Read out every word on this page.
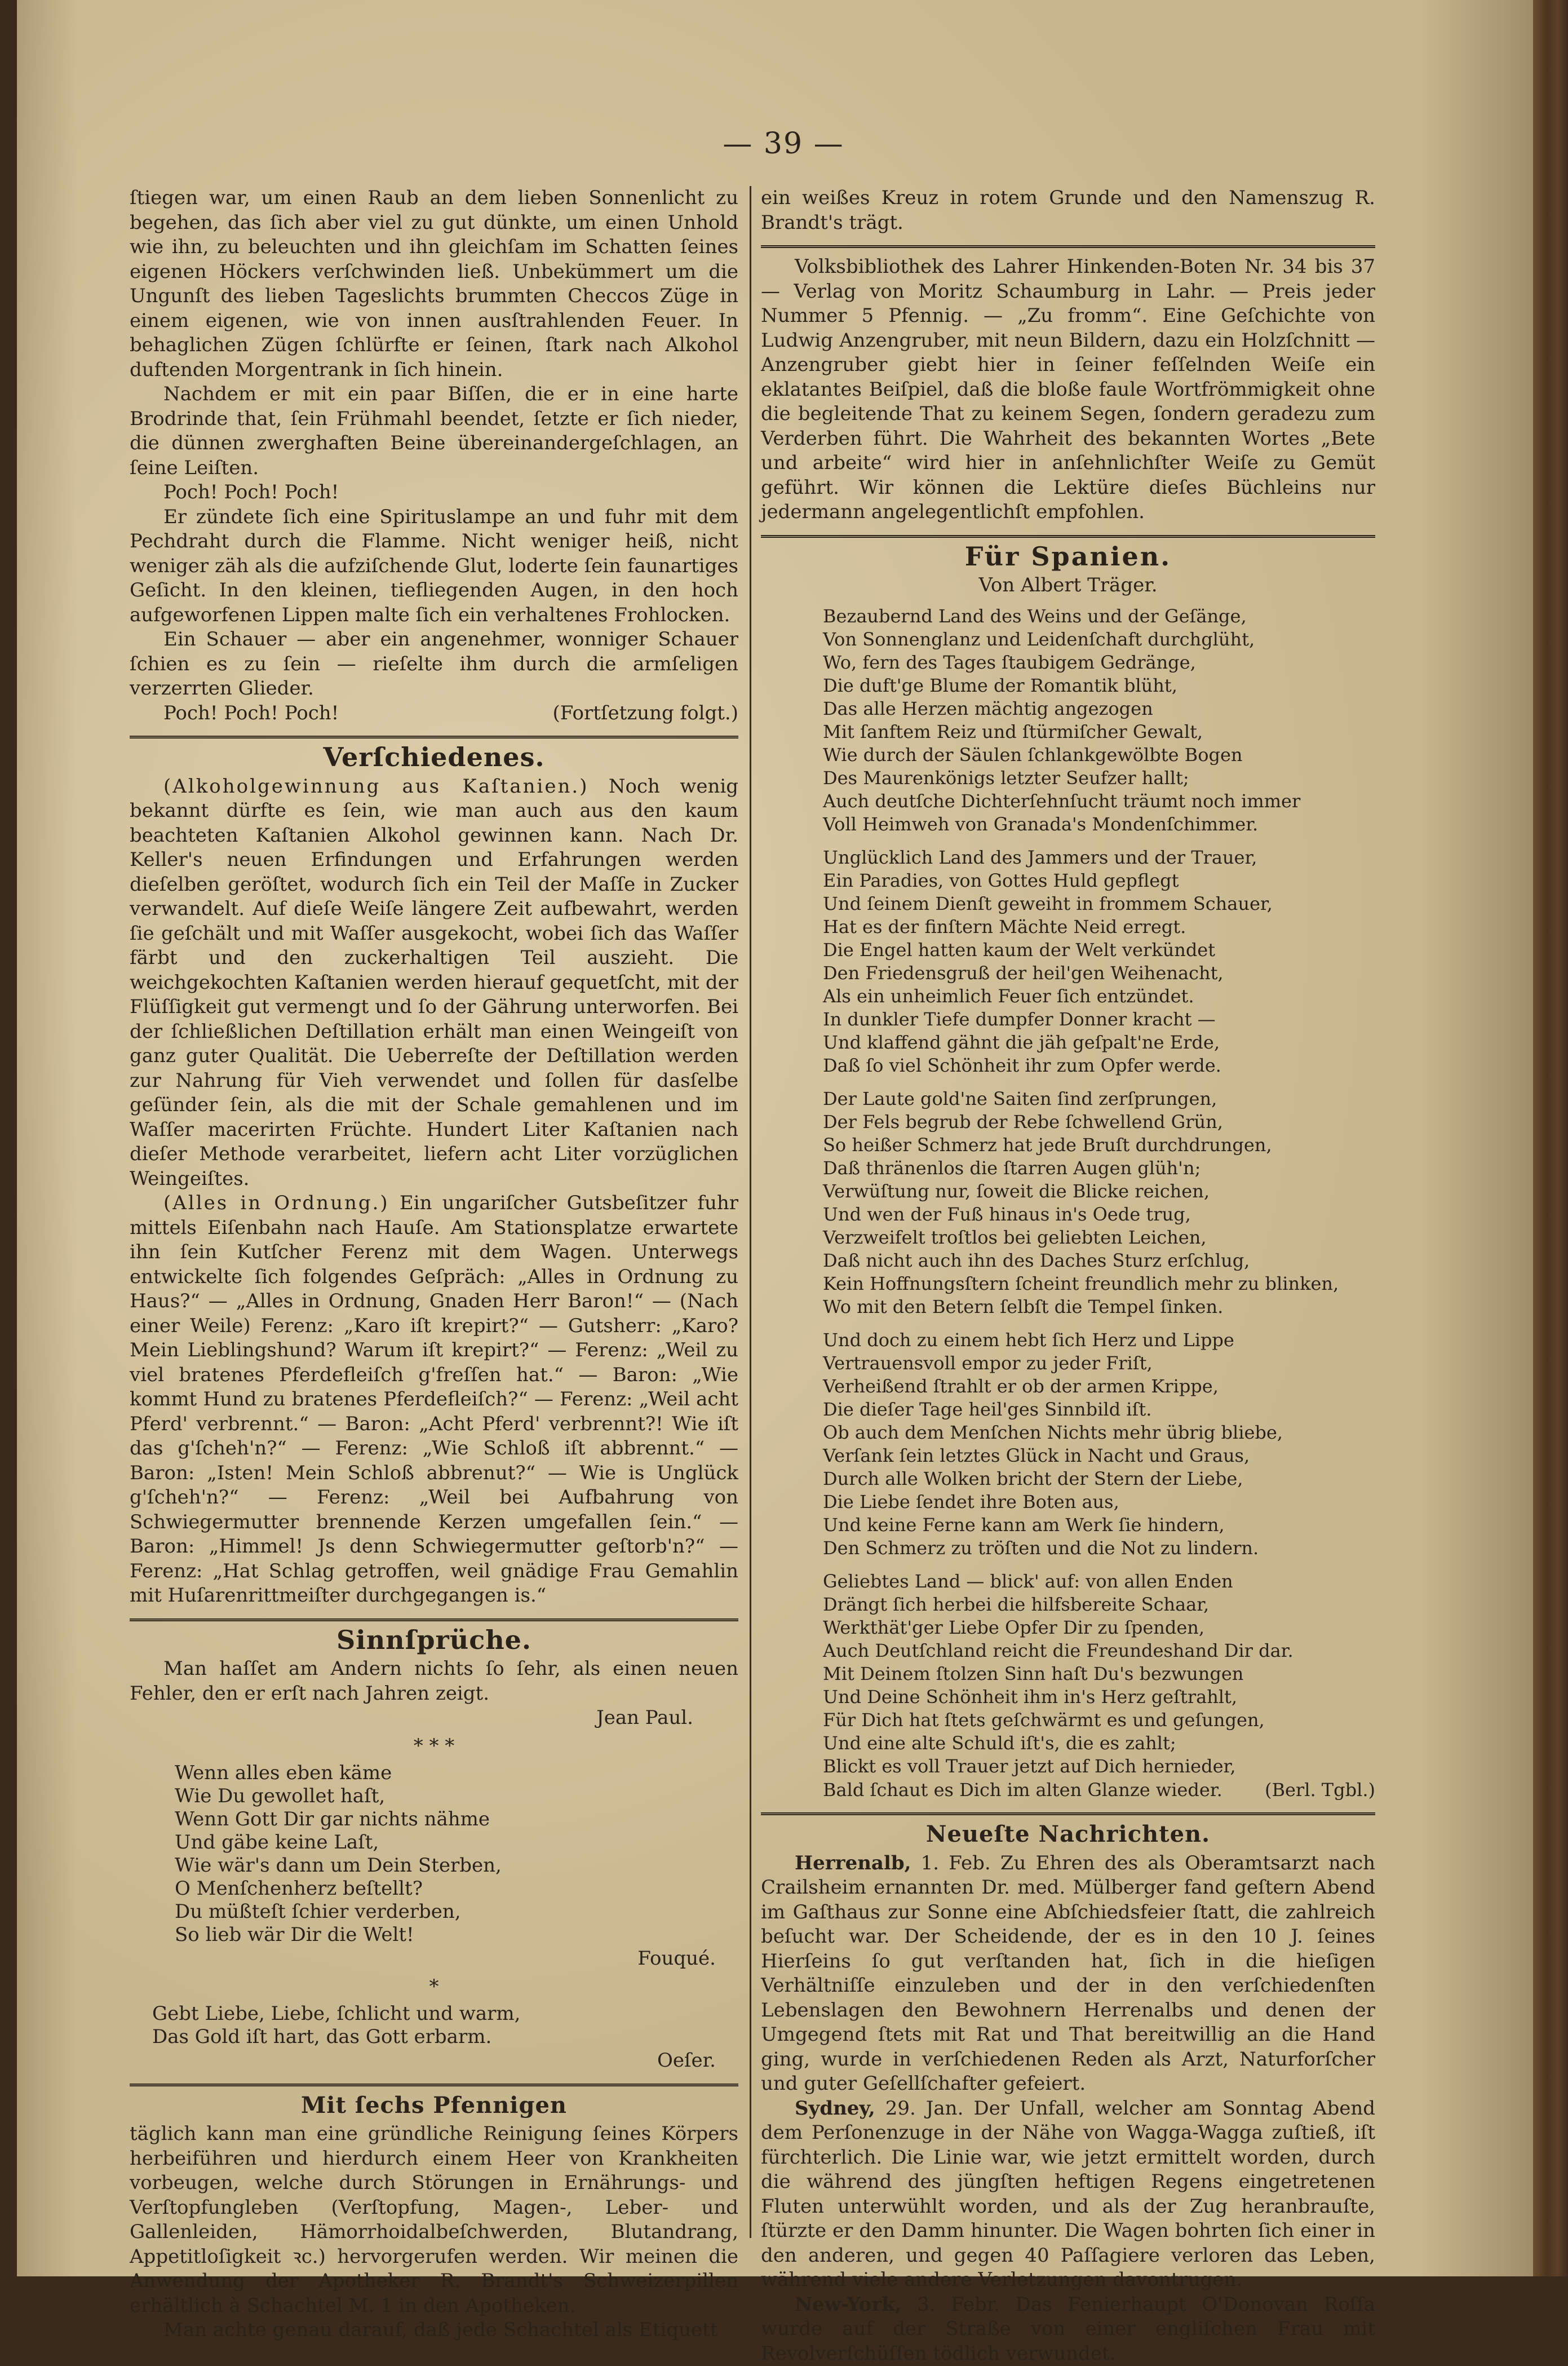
— 39 —

ſtiegen war, um einen Raub an dem lieben Sonnenlicht zu begehen, das ſich aber viel zu gut dünkte, um einen Unhold wie ihn, zu beleuchten und ihn gleichſam im Schatten ſeines eigenen Höckers verſchwinden ließ. Unbekümmert um die Ungunſt des lieben Tageslichts brummten Checcos Züge in einem eigenen, wie von innen ausſtrahlenden Feuer. In behaglichen Zügen ſchlürfte er ſeinen, ſtark nach Alkohol duftenden Morgentrank in ſich hinein.

Nachdem er mit ein paar Biſſen, die er in eine harte Brodrinde that, ſein Frühmahl beendet, ſetzte er ſich nieder, die dünnen zwerghaften Beine übereinandergeſchlagen, an ſeine Leiſten.

Poch! Poch! Poch!

Er zündete ſich eine Spirituslampe an und fuhr mit dem Pechdraht durch die Flamme. Nicht weniger heiß, nicht weniger zäh als die aufziſchende Glut, loderte ſein faunartiges Geſicht. In den kleinen, tiefliegenden Augen, in den hoch aufgeworfenen Lippen malte ſich ein verhaltenes Frohlocken.

Ein Schauer — aber ein angenehmer, wonniger Schauer ſchien es zu ſein — rieſelte ihm durch die armſeligen verzerrten Glieder.

Poch! Poch! Poch!	(Fortſetzung folgt.)
Verſchiedenes.

(Alkoholgewinnung aus Kaſtanien.) Noch wenig bekannt dürfte es ſein, wie man auch aus den kaum beachteten Kaſtanien Alkohol gewinnen kann. Nach Dr. Keller's neuen Erfindungen und Erfahrungen werden dieſelben geröſtet, wodurch ſich ein Teil der Maſſe in Zucker verwandelt. Auf dieſe Weiſe längere Zeit aufbewahrt, werden ſie geſchält und mit Waſſer ausgekocht, wobei ſich das Waſſer färbt und den zuckerhaltigen Teil auszieht. Die weichgekochten Kaſtanien werden hierauf gequetſcht, mit der Flüſſigkeit gut vermengt und ſo der Gährung unterworfen. Bei der ſchließlichen Deſtillation erhält man einen Weingeiſt von ganz guter Qualität. Die Ueberreſte der Deſtillation werden zur Nahrung für Vieh verwendet und ſollen für dasſelbe geſünder ſein, als die mit der Schale gemahlenen und im Waſſer macerirten Früchte. Hundert Liter Kaſtanien nach dieſer Methode verarbeitet, liefern acht Liter vorzüglichen Weingeiſtes.

(Alles in Ordnung.) Ein ungariſcher Gutsbeſitzer fuhr mittels Eiſenbahn nach Hauſe. Am Stationsplatze erwartete ihn ſein Kutſcher Ferenz mit dem Wagen. Unterwegs entwickelte ſich folgendes Geſpräch: „Alles in Ordnung zu Haus?“ — „Alles in Ordnung, Gnaden Herr Baron!“ — (Nach einer Weile) Ferenz: „Karo iſt krepirt?“ — Gutsherr: „Karo? Mein Lieblingshund? Warum iſt krepirt?“ — Ferenz: „Weil zu viel bratenes Pferdefleiſch g'freſſen hat.“ — Baron: „Wie kommt Hund zu bratenes Pferdefleiſch?“ — Ferenz: „Weil acht Pferd' verbrennt.“ — Baron: „Acht Pferd' verbrennt?! Wie iſt das g'ſcheh'n?“ — Ferenz: „Wie Schloß iſt abbrennt.“ — Baron: „Isten! Mein Schloß abbrenut?“ — Wie is Unglück g'ſcheh'n?“ — Ferenz: „Weil bei Aufbahrung von Schwiegermutter brennende Kerzen umgefallen ſein.“ — Baron: „Himmel! Js denn Schwiegermutter geſtorb'n?“ — Ferenz: „Hat Schlag getroffen, weil gnädige Frau Gemahlin mit Huſarenrittmeiſter durchgegangen is.“

Sinnſprüche.

Man haſſet am Andern nichts ſo ſehr, als einen neuen Fehler, den er erſt nach Jahren zeigt.

Jean Paul.
* * *
Wenn alles eben käme
Wie Du gewollet haſt,
Wenn Gott Dir gar nichts nähme
Und gäbe keine Laſt,
Wie wär's dann um Dein Sterben,
O Menſchenherz beſtellt?
Du müßteſt ſchier verderben,
So lieb wär Dir die Welt!
Fouqué.
*
Gebt Liebe, Liebe, ſchlicht und warm,
Das Gold iſt hart, das Gott erbarm.
Oeſer.
Mit ſechs Pfennigen

täglich kann man eine gründliche Reinigung ſeines Körpers herbeiführen und hierdurch einem Heer von Krankheiten vorbeugen, welche durch Störungen in Ernährungs- und Verſtopfungleben (Verſtopfung, Magen-, Leber- und Gallenleiden, Hämorrhoidalbeſchwerden, Blutandrang, Appetitloſigkeit ꝛc.) hervorgerufen werden. Wir meinen die Anwendung der Apotheker R. Brandt's Schweizerpillen erhältlich à Schachtel M. 1 in den Apotheken.

Man achte genau darauf, daß jede Schachtel als Etiquett

ein weißes Kreuz in rotem Grunde und den Namenszug R. Brandt's trägt.

Volksbibliothek des Lahrer Hinkenden-Boten Nr. 34 bis 37 — Verlag von Moritz Schaumburg in Lahr. — Preis jeder Nummer 5 Pfennig. — „Zu fromm“. Eine Geſchichte von Ludwig Anzengruber, mit neun Bildern, dazu ein Holzſchnitt — Anzengruber giebt hier in ſeiner feſſelnden Weiſe ein eklatantes Beiſpiel, daß die bloße faule Wortfrömmigkeit ohne die begleitende That zu keinem Segen, ſondern geradezu zum Verderben führt. Die Wahrheit des bekannten Wortes „Bete und arbeite“ wird hier in anſehnlichſter Weiſe zu Gemüt geführt. Wir können die Lektüre dieſes Büchleins nur jedermann angelegentlichſt empfohlen.

Für Spanien.
Von Albert Träger.
Bezaubernd Land des Weins und der Geſänge,
Von Sonnenglanz und Leidenſchaft durchglüht,
Wo, fern des Tages ſtaubigem Gedränge,
Die duft'ge Blume der Romantik blüht,
Das alle Herzen mächtig angezogen
Mit ſanftem Reiz und ſtürmiſcher Gewalt,
Wie durch der Säulen ſchlankgewölbte Bogen
Des Maurenkönigs letzter Seufzer hallt;
Auch deutſche Dichterſehnſucht träumt noch immer
Voll Heimweh von Granada's Mondenſchimmer.
Unglücklich Land des Jammers und der Trauer,
Ein Paradies, von Gottes Huld gepflegt
Und ſeinem Dienſt geweiht in frommem Schauer,
Hat es der finſtern Mächte Neid erregt.
Die Engel hatten kaum der Welt verkündet
Den Friedensgruß der heil'gen Weihenacht,
Als ein unheimlich Feuer ſich entzündet.
In dunkler Tiefe dumpfer Donner kracht —
Und klaffend gähnt die jäh geſpalt'ne Erde,
Daß ſo viel Schönheit ihr zum Opfer werde.
Der Laute gold'ne Saiten ſind zerſprungen,
Der Fels begrub der Rebe ſchwellend Grün,
So heißer Schmerz hat jede Bruſt durchdrungen,
Daß thränenlos die ſtarren Augen glüh'n;
Verwüſtung nur, ſoweit die Blicke reichen,
Und wen der Fuß hinaus in's Oede trug,
Verzweifelt troſtlos bei geliebten Leichen,
Daß nicht auch ihn des Daches Sturz erſchlug,
Kein Hoffnungsſtern ſcheint freundlich mehr zu blinken,
Wo mit den Betern ſelbſt die Tempel ſinken.
Und doch zu einem hebt ſich Herz und Lippe
Vertrauensvoll empor zu jeder Friſt,
Verheißend ſtrahlt er ob der armen Krippe,
Die dieſer Tage heil'ges Sinnbild iſt.
Ob auch dem Menſchen Nichts mehr übrig bliebe,
Verſank ſein letztes Glück in Nacht und Graus,
Durch alle Wolken bricht der Stern der Liebe,
Die Liebe ſendet ihre Boten aus,
Und keine Ferne kann am Werk ſie hindern,
Den Schmerz zu tröſten und die Not zu lindern.
Geliebtes Land — blick' auf: von allen Enden
Drängt ſich herbei die hilfsbereite Schaar,
Werkthät'ger Liebe Opfer Dir zu ſpenden,
Auch Deutſchland reicht die Freundeshand Dir dar.
Mit Deinem ſtolzen Sinn haſt Du's bezwungen
Und Deine Schönheit ihm in's Herz geſtrahlt,
Für Dich hat ſtets geſchwärmt es und geſungen,
Und eine alte Schuld iſt's, die es zahlt;
Blickt es voll Trauer jetzt auf Dich hernieder,
Bald ſchaut es Dich im alten Glanze wieder. (Berl. Tgbl.)
Neueſte Nachrichten.

Herrenalb, 1. Feb. Zu Ehren des als Oberamtsarzt nach Crailsheim ernannten Dr. med. Mülberger fand geſtern Abend im Gaſthaus zur Sonne eine Abſchiedsfeier ſtatt, die zahlreich beſucht war. Der Scheidende, der es in den 10 J. ſeines Hierſeins ſo gut verſtanden hat, ſich in die hieſigen Verhältniſſe einzuleben und der in den verſchiedenſten Lebenslagen den Bewohnern Herrenalbs und denen der Umgegend ſtets mit Rat und That bereitwillig an die Hand ging, wurde in verſchiedenen Reden als Arzt, Naturforſcher und guter Geſellſchafter gefeiert.

Sydney, 29. Jan. Der Unfall, welcher am Sonntag Abend dem Perſonenzuge in der Nähe von Wagga-Wagga zuſtieß, iſt fürchterlich. Die Linie war, wie jetzt ermittelt worden, durch die während des jüngſten heftigen Regens eingetretenen Fluten unterwühlt worden, und als der Zug heranbrauſte, ſtürzte er den Damm hinunter. Die Wagen bohrten ſich einer in den anderen, und gegen 40 Paſſagiere verloren das Leben, während viele andere Verletzungen davontrugen.

New-York, 3. Febr. Das Fenierhaupt O'Donovan Roſſa wurde auf der Straße von einer engliſchen Frau mit Revolverſchüſſen tödlich verwundet.
